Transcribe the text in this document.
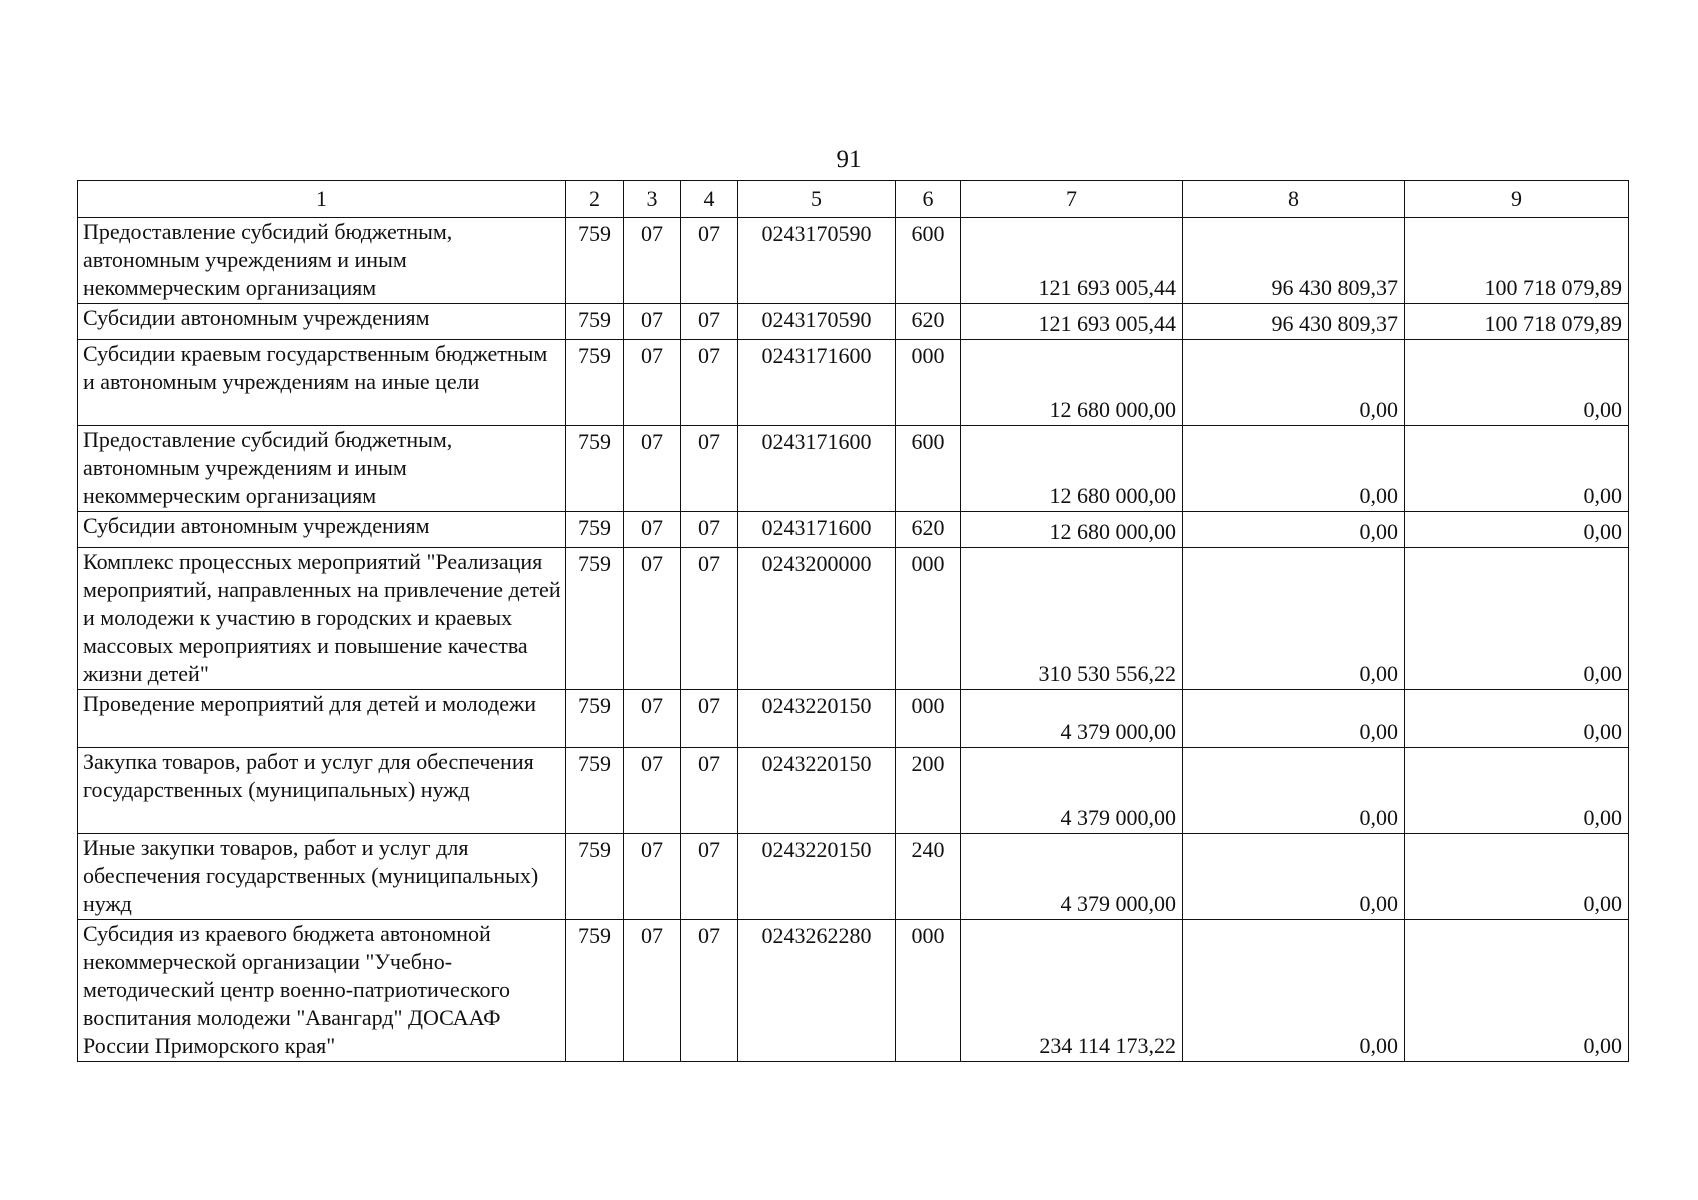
91
1	2	3	4	5	6	7	8	9
Предоставление субсидий бюджетным, автономным учреждениям и иным некоммерческим организациям	759	07	07	0243170590	600	121 693 005,44	96 430 809,37	100 718 079,89
Субсидии автономным учреждениям	759	07	07	0243170590	620	121 693 005,44	96 430 809,37	100 718 079,89
Субсидии краевым государственным бюджетным и автономным учреждениям на иные цели	759	07	07	0243171600	000	12 680 000,00	0,00	0,00
Предоставление субсидий бюджетным, автономным учреждениям и иным некоммерческим организациям	759	07	07	0243171600	600	12 680 000,00	0,00	0,00
Субсидии автономным учреждениям	759	07	07	0243171600	620	12 680 000,00	0,00	0,00
Комплекс процессных мероприятий "Реализация мероприятий, направленных на привлечение детей и молодежи к участию в городских и краевых массовых мероприятиях и повышение качества жизни детей"	759	07	07	0243200000	000	310 530 556,22	0,00	0,00
Проведение мероприятий для детей и молодежи	759	07	07	0243220150	000	4 379 000,00	0,00	0,00
Закупка товаров, работ и услуг для обеспечения государственных (муниципальных) нужд	759	07	07	0243220150	200	4 379 000,00	0,00	0,00
Иные закупки товаров, работ и услуг для обеспечения государственных (муниципальных) нужд	759	07	07	0243220150	240	4 379 000,00	0,00	0,00
Субсидия из краевого бюджета автономной некоммерческой организации "Учебно-методический центр военно-патриотического воспитания молодежи "Авангард" ДОСААФ России Приморского края"	759	07	07	0243262280	000	234 114 173,22	0,00	0,00
